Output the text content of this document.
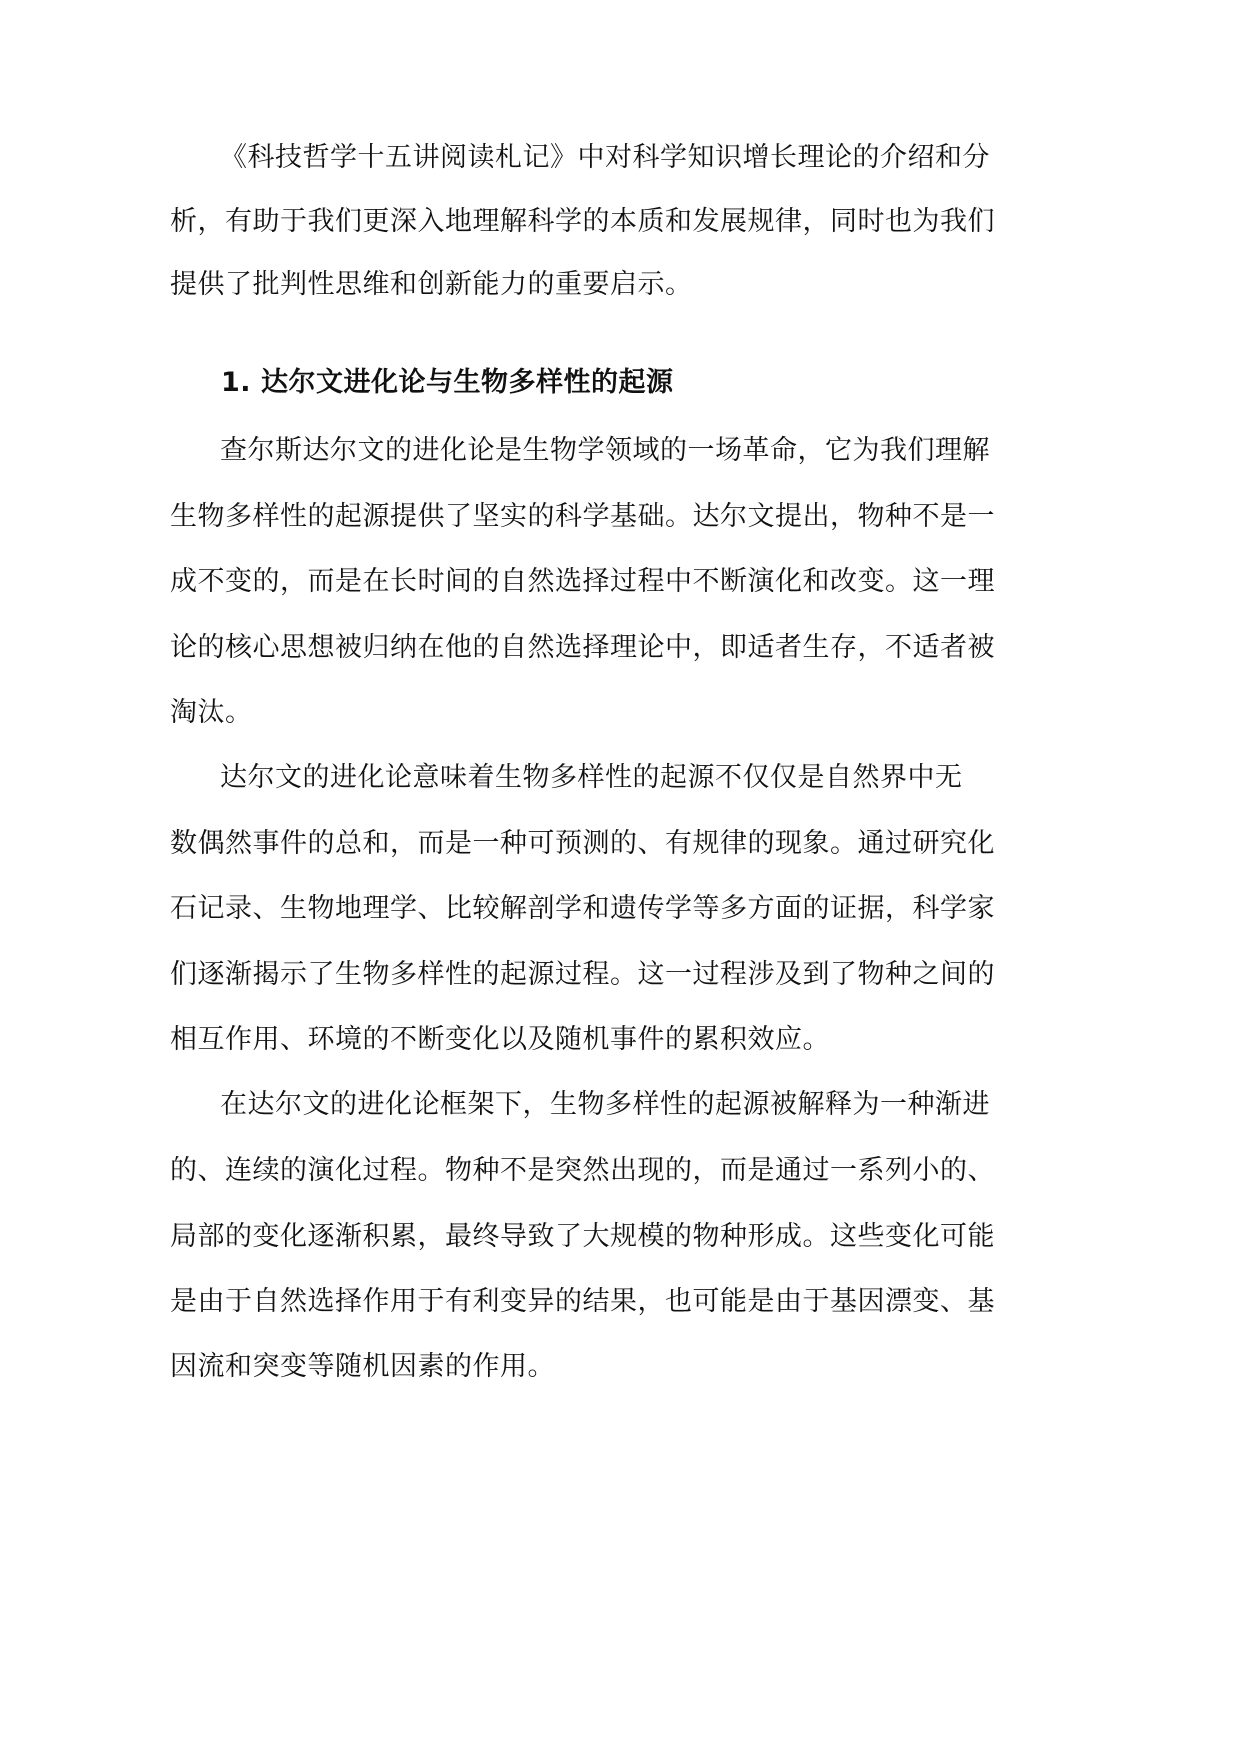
《科技哲学十五讲阅读札记》中对科学知识增长理论的介绍和分
析，有助于我们更深入地理解科学的本质和发展规律，同时也为我们
提供了批判性思维和创新能力的重要启示。
1. 达尔文进化论与生物多样性的起源
查尔斯达尔文的进化论是生物学领域的一场革命，它为我们理解
生物多样性的起源提供了坚实的科学基础。达尔文提出，物种不是一
成不变的，而是在长时间的自然选择过程中不断演化和改变。这一理
论的核心思想被归纳在他的自然选择理论中，即适者生存，不适者被
淘汰。
达尔文的进化论意味着生物多样性的起源不仅仅是自然界中无
数偶然事件的总和，而是一种可预测的、有规律的现象。通过研究化
石记录、生物地理学、比较解剖学和遗传学等多方面的证据，科学家
们逐渐揭示了生物多样性的起源过程。这一过程涉及到了物种之间的
相互作用、环境的不断变化以及随机事件的累积效应。
在达尔文的进化论框架下，生物多样性的起源被解释为一种渐进
的、连续的演化过程。物种不是突然出现的，而是通过一系列小的、
局部的变化逐渐积累，最终导致了大规模的物种形成。这些变化可能
是由于自然选择作用于有利变异的结果，也可能是由于基因漂变、基
因流和突变等随机因素的作用。
